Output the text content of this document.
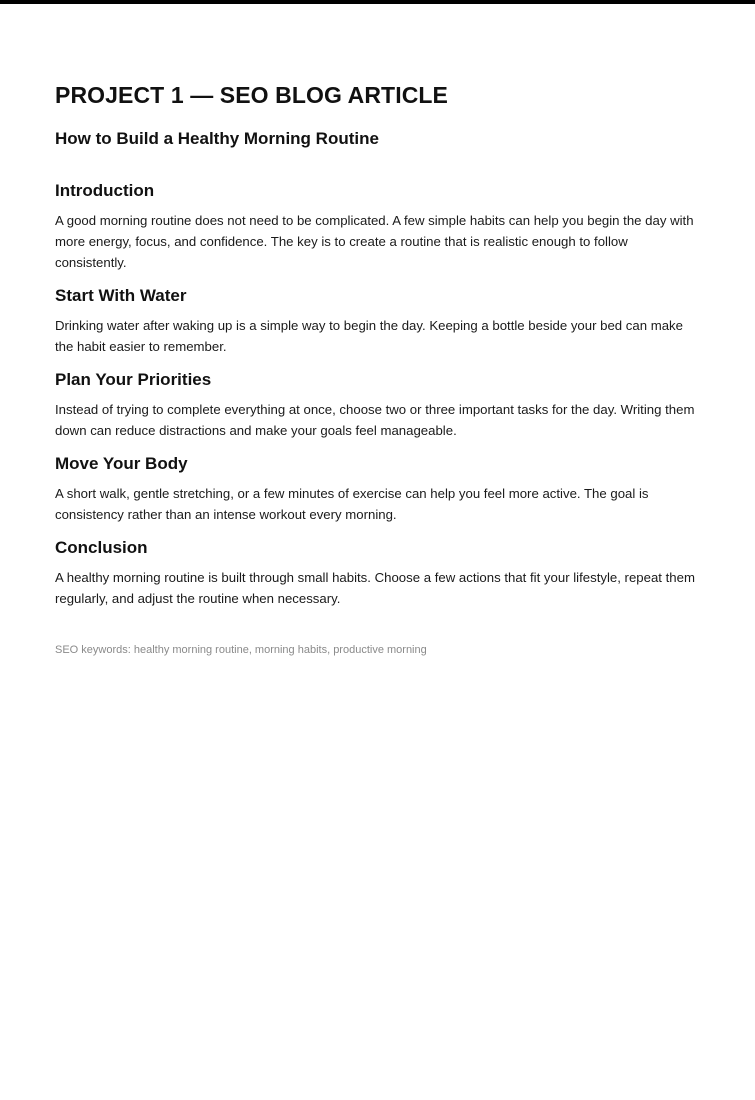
PROJECT 1 — SEO BLOG ARTICLE
How to Build a Healthy Morning Routine
Introduction

A good morning routine does not need to be complicated. A few simple habits can help you begin the day with more energy, focus, and confidence. The key is to create a routine that is realistic enough to follow consistently.

Start With Water

Drinking water after waking up is a simple way to begin the day. Keeping a bottle beside your bed can make the habit easier to remember.

Plan Your Priorities

Instead of trying to complete everything at once, choose two or three important tasks for the day. Writing them down can reduce distractions and make your goals feel manageable.

Move Your Body

A short walk, gentle stretching, or a few minutes of exercise can help you feel more active. The goal is consistency rather than an intense workout every morning.

Conclusion

A healthy morning routine is built through small habits. Choose a few actions that fit your lifestyle, repeat them regularly, and adjust the routine when necessary.

SEO keywords: healthy morning routine, morning habits, productive morning
